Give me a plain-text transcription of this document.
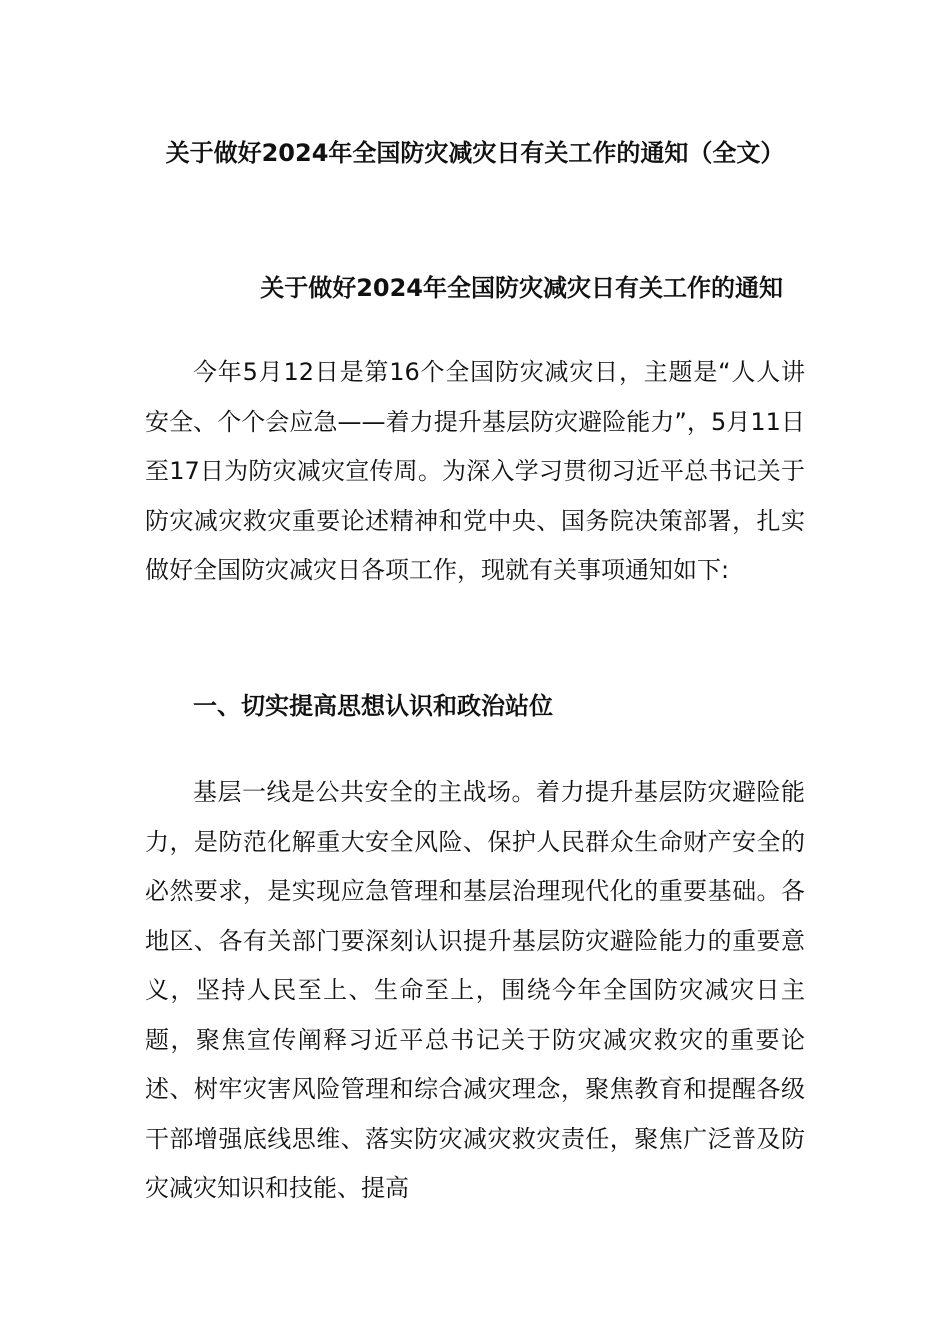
关于做好2024年全国防灾减灾日有关工作的通知（全文）
关于做好2024年全国防灾减灾日有关工作的通知

今年5月12日是第16个全国防灾减灾日，主题是“人人讲安全、个个会应急——着力提升基层防灾避险能力”，5月11日至17日为防灾减灾宣传周。为深入学习贯彻习近平总书记关于防灾减灾救灾重要论述精神和党中央、国务院决策部署，扎实做好全国防灾减灾日各项工作，现就有关事项通知如下:

一、切实提高思想认识和政治站位

基层一线是公共安全的主战场。着力提升基层防灾避险能力，是防范化解重大安全风险、保护人民群众生命财产安全的必然要求，是实现应急管理和基层治理现代化的重要基础。各地区、各有关部门要深刻认识提升基层防灾避险能力的重要意义，坚持人民至上、生命至上，围绕今年全国防灾减灾日主题，聚焦宣传阐释习近平总书记关于防灾减灾救灾的重要论述、树牢灾害风险管理和综合减灾理念，聚焦教育和提醒各级干部增强底线思维、落实防灾减灾救灾责任，聚焦广泛普及防灾减灾知识和技能、提高
